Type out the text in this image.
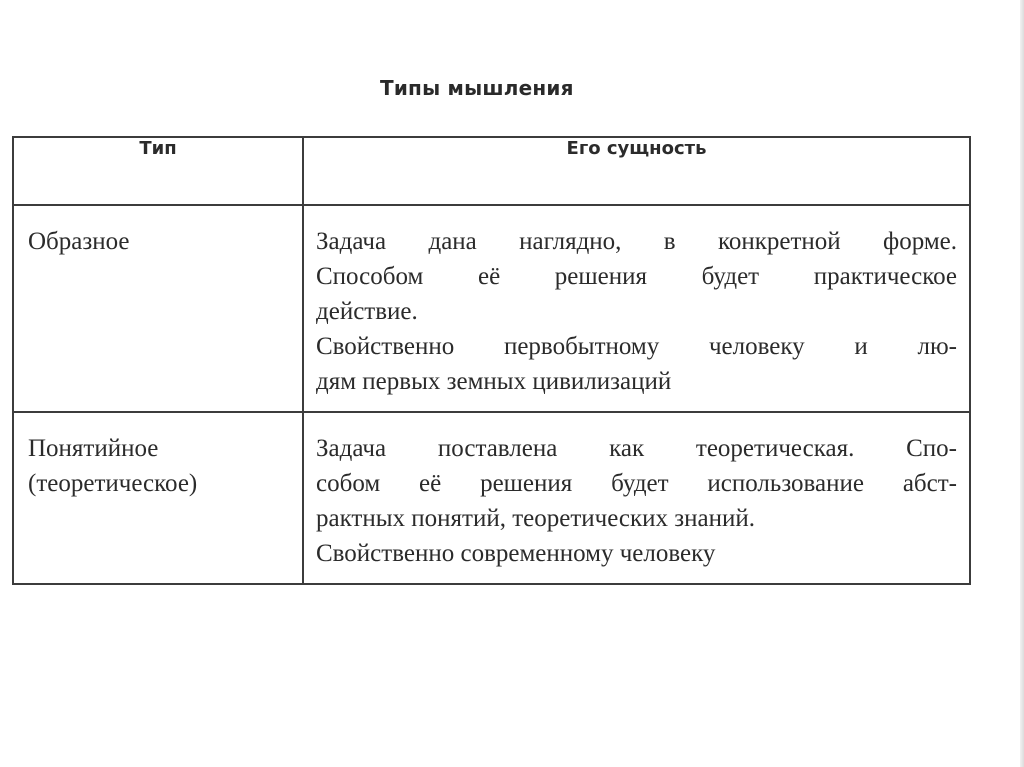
Типы мышления
Тип	Его сущность

Образное	Задача дана наглядно, в конкретной форме.
Способом её решения будет практическое
действие.
Свойственно первобытному человеку и лю-
дям первых земных цивилизаций

Понятийное
(теоретическое)	Задача поставлена как теоретическая. Спо-
собом её решения будет использование абст-
рактных понятий, теоретических знаний.
Свойственно современному человеку
